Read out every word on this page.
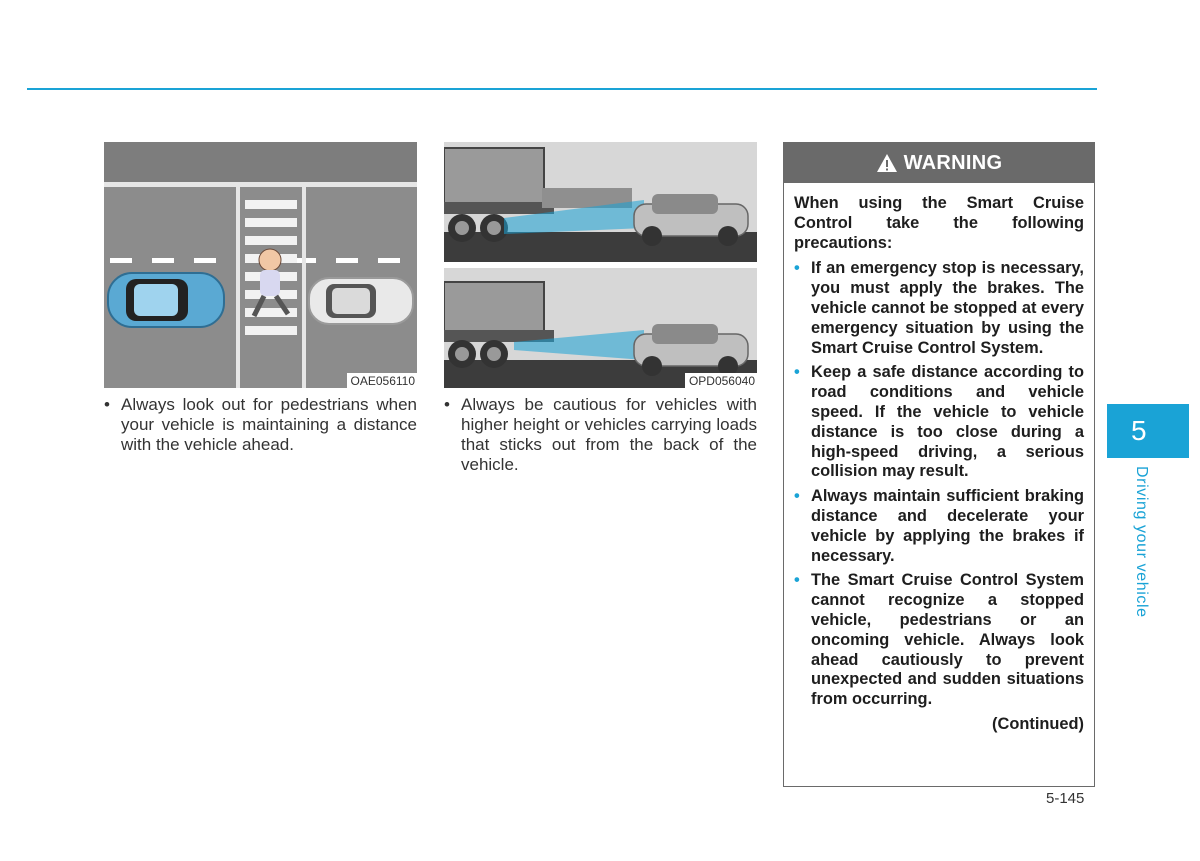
OAE056110	OPD056040
• Always look out for pedestrians when your vehicle is maintaining a distance with the vehicle ahead.
• Always be cautious for vehicles with higher height or vehicles carrying loads that sticks out from the back of the vehicle.
WARNING
When using the Smart Cruise Control take the following precautions:
• If an emergency stop is necessary, you must apply the brakes. The vehicle cannot be stopped at every emergency situation by using the Smart Cruise Control System.
• Keep a safe distance according to road conditions and vehicle speed. If the vehicle to vehicle distance is too close during a high-speed driving, a serious collision may result.
• Always maintain sufficient braking distance and decelerate your vehicle by applying the brakes if necessary.
• The Smart Cruise Control System cannot recognize a stopped vehicle, pedestrians or an oncoming vehicle. Always look ahead cautiously to prevent unexpected and sudden situations from occurring.
(Continued)
5
Driving your vehicle
5-145
